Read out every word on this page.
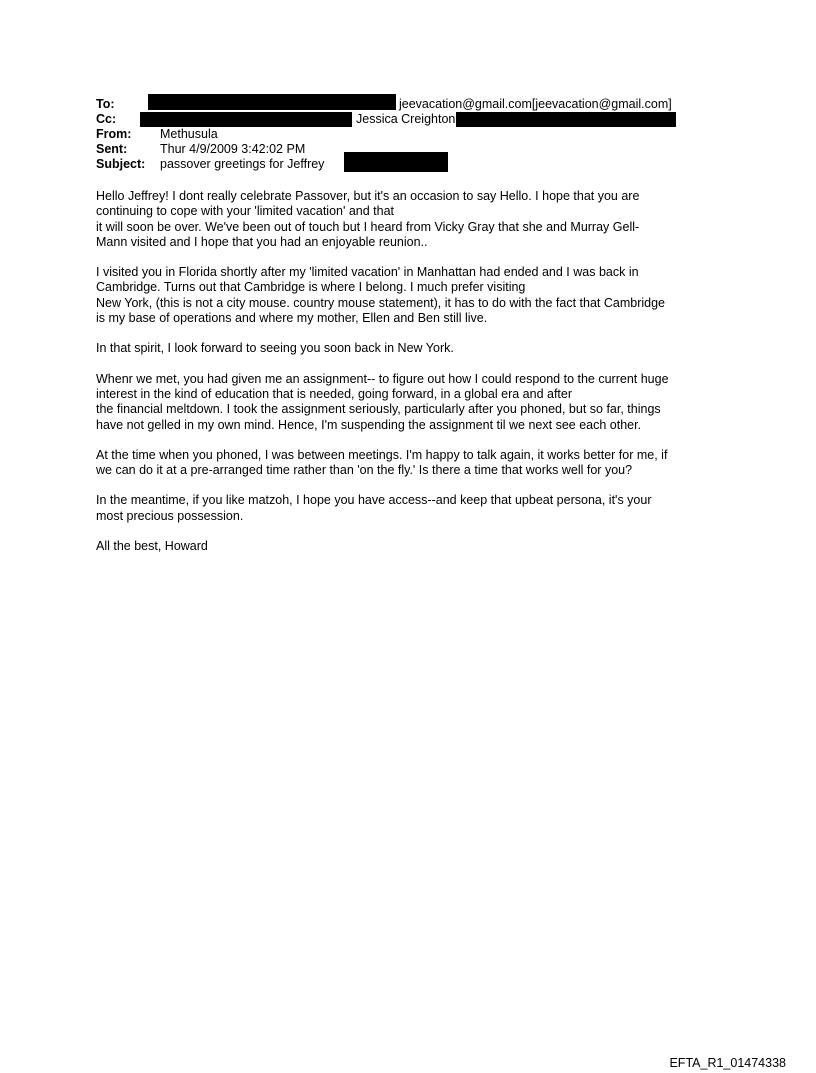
To:	jeevacation@gmail.com[jeevacation@gmail.com]
Cc:	Jessica Creighton
From:	Methusula
Sent:	Thur 4/9/2009 3:42:02 PM
Subject:	passover greetings for Jeffrey
Hello Jeffrey! I dont really celebrate Passover, but it's an occasion to say Hello. I hope that you are
continuing to cope with your 'limited vacation' and that
it will soon be over. We've been out of touch but I heard from Vicky Gray that she and Murray Gell-
Mann visited and I hope that you had an enjoyable reunion..
I visited you in Florida shortly after my 'limited vacation' in Manhattan had ended and I was back in
Cambridge. Turns out that Cambridge is where I belong. I much prefer visiting
New York, (this is not a city mouse. country mouse statement), it has to do with the fact that Cambridge
is my base of operations and where my mother, Ellen and Ben still live.
In that spirit, I look forward to seeing you soon back in New York.
Whenr we met, you had given me an assignment-- to figure out how I could respond to the current huge
interest in the kind of education that is needed, going forward, in a global era and after
the financial meltdown. I took the assignment seriously, particularly after you phoned, but so far, things
have not gelled in my own mind. Hence, I'm suspending the assignment til we next see each other.
At the time when you phoned, I was between meetings. I'm happy to talk again, it works better for me, if
we can do it at a pre-arranged time rather than 'on the fly.' Is there a time that works well for you?
In the meantime, if you like matzoh, I hope you have access--and keep that upbeat persona, it's your
most precious possession.
All the best, Howard
EFTA_R1_01474338
